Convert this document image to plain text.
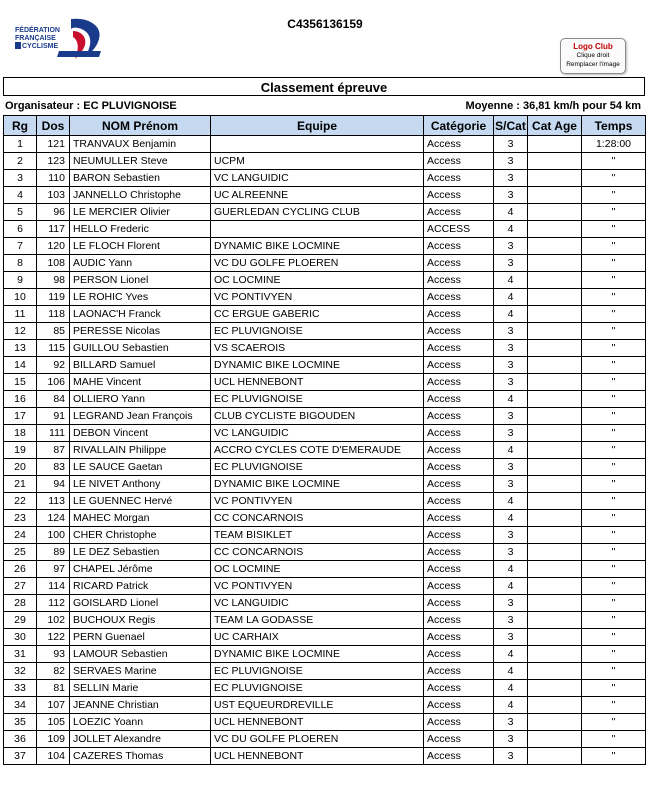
FÉDÉRATION
FRANÇAISE
CYCLISME
C4356136159
Logo Club
Clique droit
Remplacer l'image
Classement épreuve
Organisateur : EC PLUVIGNOISE	Moyenne : 36,81 km/h pour 54 km
Rg	Dos	NOM Prénom	Equipe	Catégorie	S/Cat	Cat Age	Temps
1	121	TRANVAUX Benjamin		Access	3		1:28:00
2	123	NEUMULLER Steve	UCPM	Access	3		"
3	110	BARON Sebastien	VC LANGUIDIC	Access	3		"
4	103	JANNELLO Christophe	UC ALREENNE	Access	3		"
5	96	LE MERCIER Olivier	GUERLEDAN CYCLING CLUB	Access	4		"
6	117	HELLO Frederic		ACCESS	4		"
7	120	LE FLOCH Florent	DYNAMIC BIKE LOCMINE	Access	3		"
8	108	AUDIC Yann	VC DU GOLFE PLOEREN	Access	3		"
9	98	PERSON Lionel	OC LOCMINE	Access	4		"
10	119	LE ROHIC Yves	VC PONTIVYEN	Access	4		"
11	118	LAONAC'H Franck	CC ERGUE GABERIC	Access	4		"
12	85	PERESSE Nicolas	EC PLUVIGNOISE	Access	3		"
13	115	GUILLOU Sebastien	VS SCAEROIS	Access	3		"
14	92	BILLARD Samuel	DYNAMIC BIKE LOCMINE	Access	3		"
15	106	MAHE Vincent	UCL HENNEBONT	Access	3		"
16	84	OLLIERO Yann	EC PLUVIGNOISE	Access	4		"
17	91	LEGRAND Jean François	CLUB CYCLISTE BIGOUDEN	Access	3		"
18	111	DEBON Vincent	VC LANGUIDIC	Access	3		"
19	87	RIVALLAIN Philippe	ACCRO CYCLES COTE D'EMERAUDE	Access	4		"
20	83	LE SAUCE Gaetan	EC PLUVIGNOISE	Access	3		"
21	94	LE NIVET Anthony	DYNAMIC BIKE LOCMINE	Access	3		"
22	113	LE GUENNEC Hervé	VC PONTIVYEN	Access	4		"
23	124	MAHEC Morgan	CC CONCARNOIS	Access	4		"
24	100	CHER Christophe	TEAM BISIKLET	Access	3		"
25	89	LE DEZ Sebastien	CC CONCARNOIS	Access	3		"
26	97	CHAPEL Jérôme	OC LOCMINE	Access	4		"
27	114	RICARD Patrick	VC PONTIVYEN	Access	4		"
28	112	GOISLARD Lionel	VC LANGUIDIC	Access	3		"
29	102	BUCHOUX Regis	TEAM LA GODASSE	Access	3		"
30	122	PERN Guenael	UC CARHAIX	Access	3		"
31	93	LAMOUR Sebastien	DYNAMIC BIKE LOCMINE	Access	4		"
32	82	SERVAES Marine	EC PLUVIGNOISE	Access	4		"
33	81	SELLIN Marie	EC PLUVIGNOISE	Access	4		"
34	107	JEANNE Christian	UST EQUEURDREVILLE	Access	4		"
35	105	LOEZIC Yoann	UCL HENNEBONT	Access	3		"
36	109	JOLLET Alexandre	VC DU GOLFE PLOEREN	Access	3		"
37	104	CAZERES Thomas	UCL HENNEBONT	Access	3		"
